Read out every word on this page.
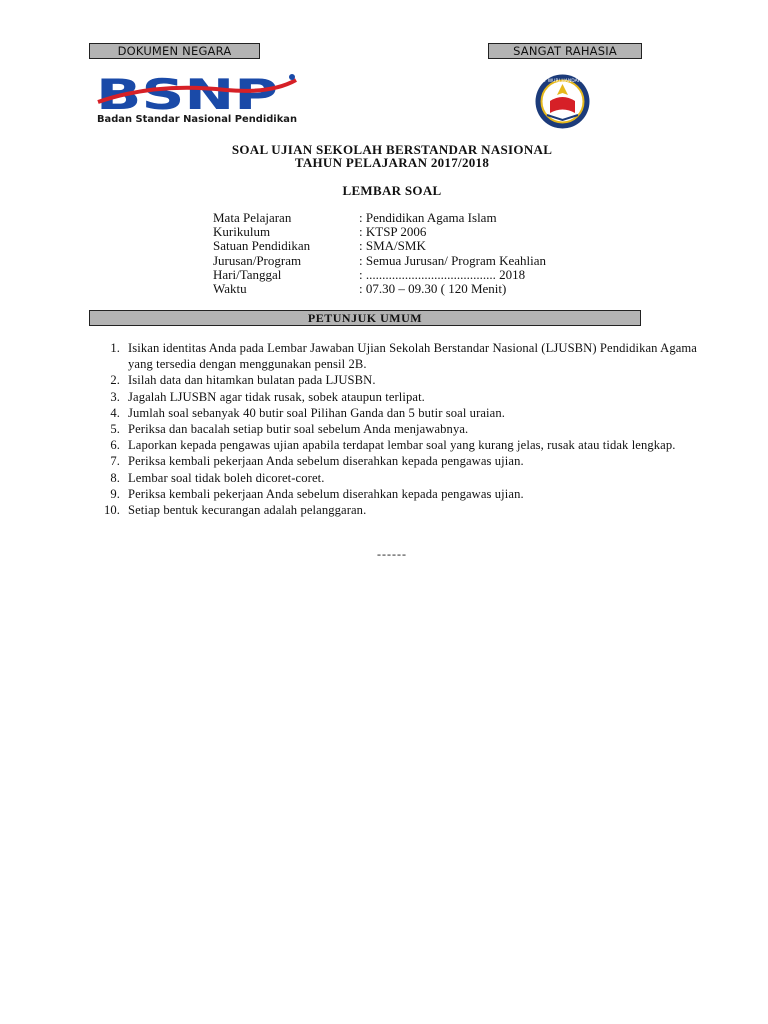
DOKUMEN NEGARA	SANGAT RAHASIA
BSNP
Badan Standar Nasional Pendidikan
TUT WURI HANDAYANI
SOAL UJIAN SEKOLAH BERSTANDAR NASIONAL
TAHUN PELAJARAN 2017/2018
LEMBAR SOAL
Mata Pelajaran	: Pendidikan Agama Islam
Kurikulum	: KTSP 2006
Satuan Pendidikan	: SMA/SMK
Jurusan/Program	: Semua Jurusan/ Program Keahlian
Hari/Tanggal	: ........................................ 2018
Waktu	: 07.30 – 09.30 ( 120 Menit)
PETUNJUK UMUM
1. Isikan identitas Anda pada Lembar Jawaban Ujian Sekolah Berstandar Nasional (LJUSBN) Pendidikan Agama yang tersedia dengan menggunakan pensil 2B.
2. Isilah data dan hitamkan bulatan pada LJUSBN.
3. Jagalah LJUSBN agar tidak rusak, sobek ataupun terlipat.
4. Jumlah soal sebanyak 40 butir soal Pilihan Ganda dan 5 butir soal uraian.
5. Periksa dan bacalah setiap butir soal sebelum Anda menjawabnya.
6. Laporkan kepada pengawas ujian apabila terdapat lembar soal yang kurang jelas, rusak atau tidak lengkap.
7. Periksa kembali pekerjaan Anda sebelum diserahkan kepada pengawas ujian.
8. Lembar soal tidak boleh dicoret-coret.
9. Periksa kembali pekerjaan Anda sebelum diserahkan kepada pengawas ujian.
10. Setiap bentuk kecurangan adalah pelanggaran.
------
